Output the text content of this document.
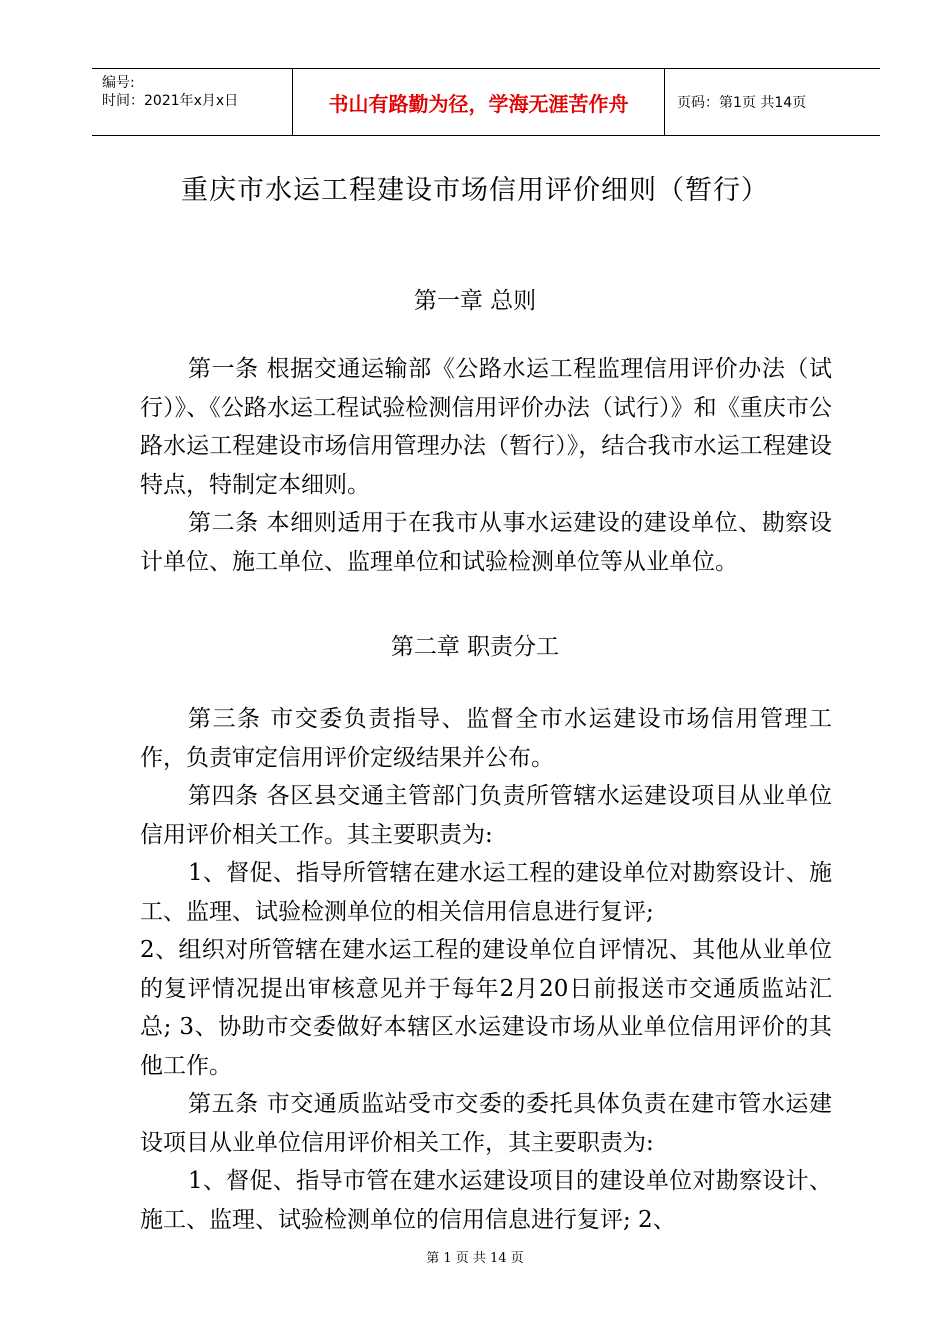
编号:
时间：2021年x月x日	书山有路勤为径，学海无涯苦作舟	页码：第1页 共14页
重庆市水运工程建设市场信用评价细则（暂行）
第一章 总则

第一条 根据交通运输部《公路水运工程监理信用评价办法（试行）》、《公路水运工程试验检测信用评价办法（试行）》和《重庆市公路水运工程建设市场信用管理办法（暂行）》，结合我市水运工程建设特点，特制定本细则。

第二条 本细则适用于在我市从事水运建设的建设单位、勘察设计单位、施工单位、监理单位和试验检测单位等从业单位。

第二章 职责分工

第三条 市交委负责指导、监督全市水运建设市场信用管理工作，负责审定信用评价定级结果并公布。

第四条 各区县交通主管部门负责所管辖水运建设项目从业单位信用评价相关工作。其主要职责为:

1、督促、指导所管辖在建水运工程的建设单位对勘察设计、施工、监理、试验检测单位的相关信用信息进行复评;

2、组织对所管辖在建水运工程的建设单位自评情况、其他从业单位的复评情况提出审核意见并于每年2月20日前报送市交通质监站汇总; 3、协助市交委做好本辖区水运建设市场从业单位信用评价的其他工作。

第五条 市交通质监站受市交委的委托具体负责在建市管水运建设项目从业单位信用评价相关工作，其主要职责为:

1、督促、指导市管在建水运建设项目的建设单位对勘察设计、施工、监理、试验检测单位的信用信息进行复评; 2、

第 1 页 共 14 页
